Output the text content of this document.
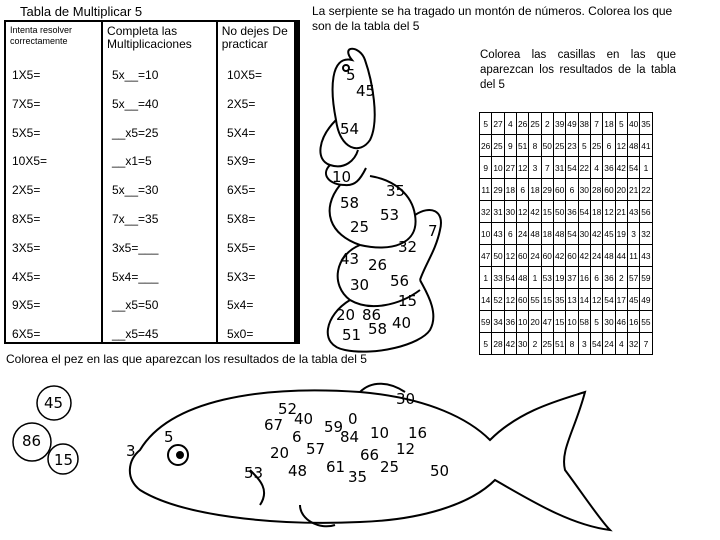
Tabla de Multiplicar 5
Intenta resolver correctamente

Completa las Multiplicaciones

No dejes De practicar
1X5=	5x__=10	10X5=
7X5=	5x__=40	2X5=
5X5=	__x5=25	5X4=
10X5=	__x1=5	5X9=
2X5=	5x__=30	6X5=
8X5=	7x__=35	5X8=
3X5=	3x5=___	5X5=
4X5=	5x4=___	5X3=
9X5=	__x5=50	5x4=
6X5=	__x5=45	5x0=
La serpiente se ha tragado un montón de números. Colorea los que son de la tabla del 5
5
45
54
10
35
58
53
25	7
32
43 26
30 56
15
20 86 40
51 58
Colorea las casillas en las que aparezcan los resultados de la tabla del 5
5	27	4	26	25	2	39	49	38	7	18	5	40	35
26	25	9	51	8	50	25	23	5	25	6	12	48	41
9	10	27	12	3	7	31	54	22	4	36	42	54	1
11	29	18	6	18	29	60	6	30	28	60	20	21	22
32	31	30	12	42	15	50	36	54	18	12	21	43	56
10	43	6	24	48	18	48	54	30	42	45	19	3	32
47	50	12	60	24	60	42	60	42	24	48	44	11	43
1	33	54	48	1	53	19	37	16	6	36	2	57	59
14	52	12	60	55	15	35	13	14	12	54	17	45	49
59	34	36	10	20	47	15	10	58	5	30	46	16	55
5	28	42	30	2	25	51	8	3	54	24	4	32	7
Colorea el pez en las que aparezcan los resultados de la tabla del 5
45
86
15
5
3
52
67 40
6
59 0
84 10
30
16
20 57 66 12
53 48 61 25
35	50
